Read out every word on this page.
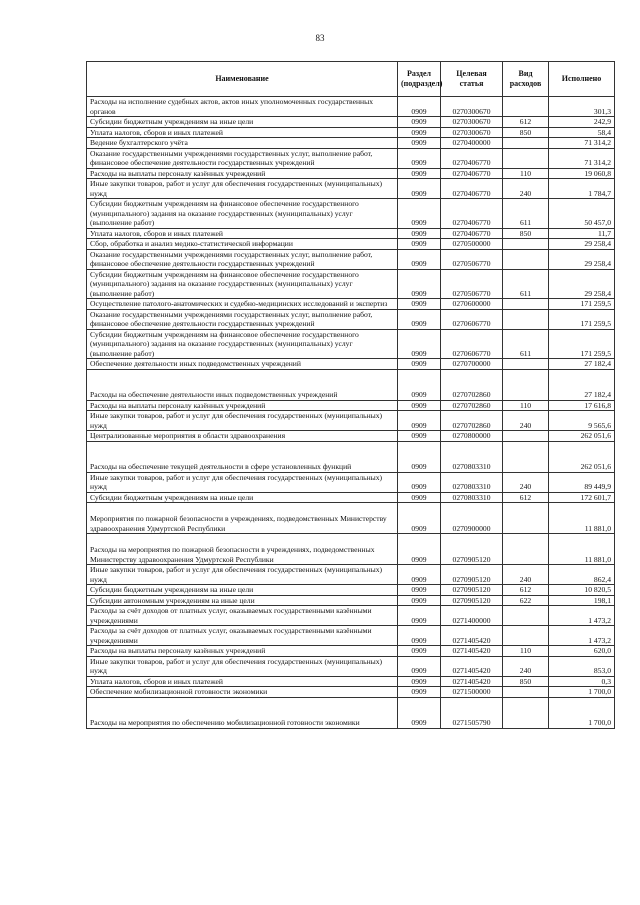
83
Наименование	Раздел (подраздел)	Целевая статья	Вид расходов	Исполнено
Расходы на исполнение судебных актов, актов иных уполномоченных государственных органов	0909	0270300670		301,3
Субсидии бюджетным учреждениям на иные цели	0909	0270300670	612	242,9
Уплата налогов, сборов и иных платежей	0909	0270300670	850	58,4
Ведение бухгалтерского учёта	0909	0270400000		71 314,2
Оказание государственными учреждениями государственных услуг, выполнение работ, финансовое обеспечение деятельности государственных учреждений	0909	0270406770		71 314,2
Расходы на выплаты персоналу казённых учреждений	0909	0270406770	110	19 060,8
Иные закупки товаров, работ и услуг для обеспечения государственных (муниципальных) нужд	0909	0270406770	240	1 784,7
Субсидии бюджетным учреждениям на финансовое обеспечение государственного (муниципального) задания на оказание государственных (муниципальных) услуг (выполнение работ)	0909	0270406770	611	50 457,0
Уплата налогов, сборов и иных платежей	0909	0270406770	850	11,7
Сбор, обработка и анализ медико-статистической информации	0909	0270500000		29 258,4
Оказание государственными учреждениями государственных услуг, выполнение работ, финансовое обеспечение деятельности государственных учреждений	0909	0270506770		29 258,4
Субсидии бюджетным учреждениям на финансовое обеспечение государственного (муниципального) задания на оказание государственных (муниципальных) услуг (выполнение работ)	0909	0270506770	611	29 258,4
Осуществление патолого-анатомических и судебно-медицинских исследований и экспертиз	0909	0270600000		171 259,5
Оказание государственными учреждениями государственных услуг, выполнение работ, финансовое обеспечение деятельности государственных учреждений	0909	0270606770		171 259,5
Субсидии бюджетным учреждениям на финансовое обеспечение государственного (муниципального) задания на оказание государственных (муниципальных) услуг (выполнение работ)	0909	0270606770	611	171 259,5
Обеспечение деятельности иных подведомственных учреждений	0909	0270700000		27 182,4
Расходы на обеспечение деятельности иных подведомственных учреждений	0909	0270702860		27 182,4
Расходы на выплаты персоналу казённых учреждений	0909	0270702860	110	17 616,8
Иные закупки товаров, работ и услуг для обеспечения государственных (муниципальных) нужд	0909	0270702860	240	9 565,6
Централизованные мероприятия в области здравоохранения	0909	0270800000		262 051,6
Расходы на обеспечение текущей деятельности в сфере установленных функций	0909	0270803310		262 051,6
Иные закупки товаров, работ и услуг для обеспечения государственных (муниципальных) нужд	0909	0270803310	240	89 449,9
Субсидии бюджетным учреждениям на иные цели	0909	0270803310	612	172 601,7
Мероприятия по пожарной безопасности в учреждениях, подведомственных Министерству здравоохранения Удмуртской Республики	0909	0270900000		11 881,0
Расходы на мероприятия по пожарной безопасности в учреждениях, подведомственных Министерству здравоохранения Удмуртской Республики	0909	0270905120		11 881,0
Иные закупки товаров, работ и услуг для обеспечения государственных (муниципальных) нужд	0909	0270905120	240	862,4
Субсидии бюджетным учреждениям на иные цели	0909	0270905120	612	10 820,5
Субсидии автономным учреждениям на иные цели	0909	0270905120	622	198,1
Расходы за счёт доходов от платных услуг, оказываемых государственными казёнными учреждениями	0909	0271400000		1 473,2
Расходы за счёт доходов от платных услуг, оказываемых государственными казёнными учреждениями	0909	0271405420		1 473,2
Расходы на выплаты персоналу казённых учреждений	0909	0271405420	110	620,0
Иные закупки товаров, работ и услуг для обеспечения государственных (муниципальных) нужд	0909	0271405420	240	853,0
Уплата налогов, сборов и иных платежей	0909	0271405420	850	0,3
Обеспечение мобилизационной готовности экономики	0909	0271500000		1 700,0
Расходы на мероприятия по обеспечению мобилизационной готовности экономики	0909	0271505790		1 700,0
